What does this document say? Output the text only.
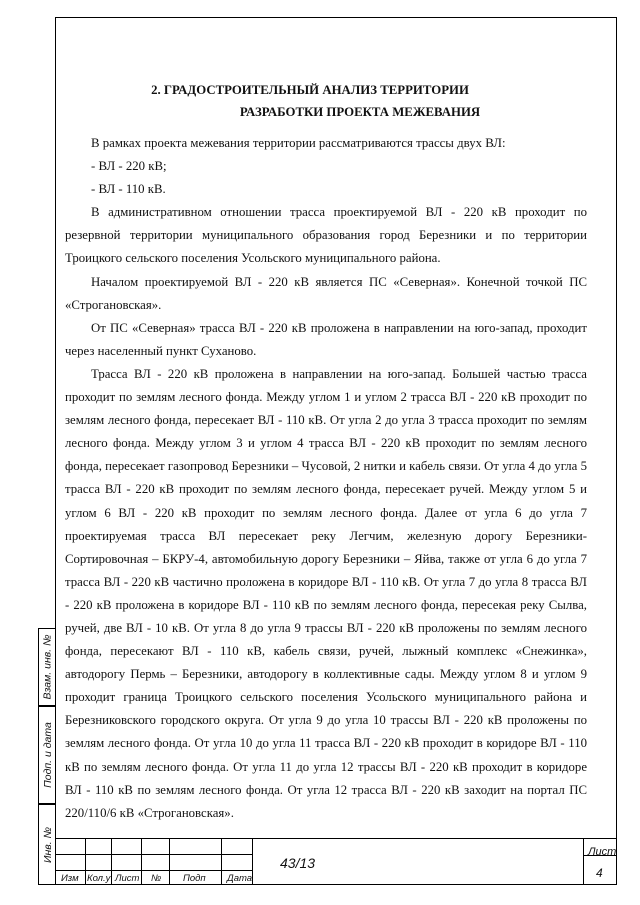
2. ГРАДОСТРОИТЕЛЬНЫЙ АНАЛИЗ ТЕРРИТОРИИ
РАЗРАБОТКИ ПРОЕКТА МЕЖЕВАНИЯ

В рамках проекта межевания территории рассматриваются трассы двух ВЛ:

- ВЛ - 220 кВ;

- ВЛ - 110 кВ.

В административном отношении трасса проектируемой ВЛ - 220 кВ проходит по резервной территории муниципального образования город Березники и по территории Троицкого сельского поселения Усольского муниципального района.

Началом проектируемой ВЛ - 220 кВ является ПС «Северная». Конечной точкой ПС «Строгановская».

От ПС «Северная» трасса ВЛ - 220 кВ проложена в направлении на юго-запад, проходит через населенный пункт Суханово.

Трасса ВЛ - 220 кВ проложена в направлении на юго-запад. Большей частью трасса проходит по землям лесного фонда. Между углом 1 и углом 2 трасса ВЛ - 220 кВ проходит по землям лесного фонда, пересекает ВЛ - 110 кВ. От угла 2 до угла 3 трасса проходит по землям лесного фонда. Между углом 3 и углом 4 трасса ВЛ - 220 кВ проходит по землям лесного фонда, пересекает газопровод Березники – Чусовой, 2 нитки и кабель связи. От угла 4 до угла 5 трасса ВЛ - 220 кВ проходит по землям лесного фонда, пересекает ручей. Между углом 5 и углом 6 ВЛ - 220 кВ проходит по землям лесного фонда. Далее от угла 6 до угла 7 проектируемая трасса ВЛ пересекает реку Легчим, железную дорогу Березники-Сортировочная – БКРУ-4, автомобильную дорогу Березники – Яйва, также от угла 6 до угла 7 трасса ВЛ - 220 кВ частично проложена в коридоре ВЛ - 110 кВ. От угла 7 до угла 8 трасса ВЛ - 220 кВ проложена в коридоре ВЛ - 110 кВ по землям лесного фонда, пересекая реку Сылва, ручей, две ВЛ - 10 кВ. От угла 8 до угла 9 трассы ВЛ - 220 кВ проложены по землям лесного фонда, пересекают ВЛ - 110 кВ, кабель связи, ручей, лыжный комплекс «Снежинка», автодорогу Пермь – Березники, автодорогу в коллективные сады. Между углом 8 и углом 9 проходит граница Троицкого сельского поселения Усольского муниципального района и Березниковского городского округа. От угла 9 до угла 10 трассы ВЛ - 220 кВ проложены по землям лесного фонда. От угла 10 до угла 11 трасса ВЛ - 220 кВ проходит в коридоре ВЛ - 110 кВ по землям лесного фонда. От угла 11 до угла 12 трассы ВЛ - 220 кВ проходит в коридоре ВЛ - 110 кВ по землям лесного фонда. От угла 12 трасса ВЛ - 220 кВ заходит на портал ПС 220/110/6 кВ «Строгановская».

Взам. инв. №
Подп. и дата
Инв. №
Изм Кол.у Лист № Подп Дата
43/13
Лист
4
